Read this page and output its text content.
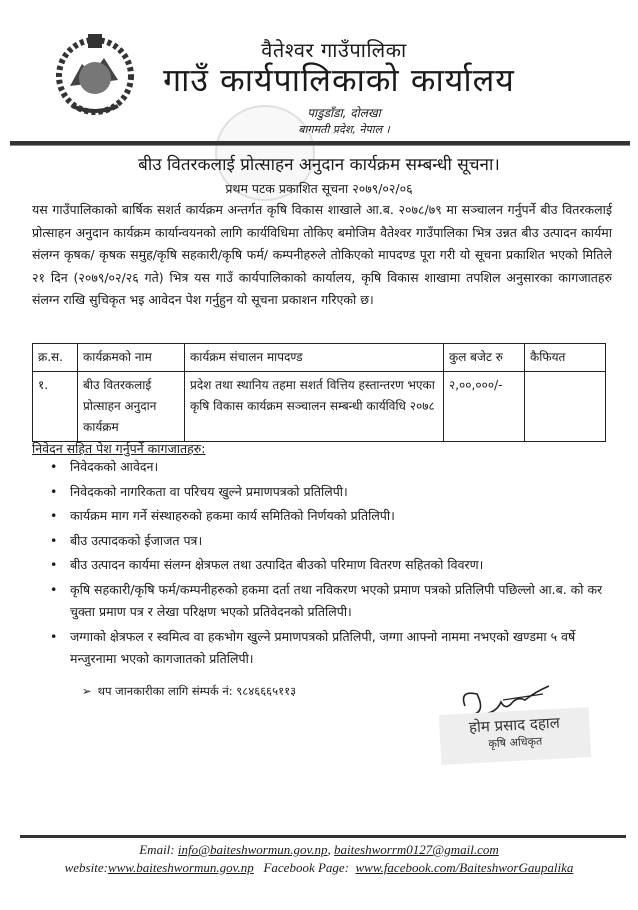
वैतेश्वर गाउँपालिका
गाउँ कार्यपालिकाको कार्यालय
पाडुडाँडा, दोलखा
बागमती प्रदेश, नेपाल ।
बीउ वितरकलाई प्रोत्साहन अनुदान कार्यक्रम सम्बन्धी सूचना।
प्रथम पटक प्रकाशित सूचना २०७९/०२/०६
यस गाउँपालिकाको बार्षिक सशर्त कार्यक्रम अन्तर्गत कृषि विकास शाखाले आ.ब. २०७८/७९ मा सञ्चालन गर्नुपर्ने बीउ वितरकलाई प्रोत्साहन अनुदान कार्यक्रम कार्यान्वयनको लागि कार्यविधिमा तोकिए बमोजिम वैतेश्वर गाउँपालिका भित्र उन्नत बीउ उत्पादन कार्यमा संलग्न कृषक/ कृषक समुह/कृषि सहकारी/कृषि फर्म/ कम्पनीहरुले तोकिएको मापदण्ड पूरा गरी यो सूचना प्रकाशित भएको मितिले २१ दिन (२०७९/०२/२६ गते) भित्र यस गाउँ कार्यपालिकाको कार्यालय, कृषि विकास शाखामा तपशिल अनुसारका कागजातहरु संलग्न राखि सुचिकृत भइ आवेदन पेश गर्नुहुन यो सूचना प्रकाशन गरिएको छ।
क्र.स.	कार्यक्रमको नाम	कार्यक्रम संचालन मापदण्ड	कुल बजेट रु	कैफियत
१.	बीउ वितरकलाई प्रोत्साहन अनुदान कार्यक्रम	प्रदेश तथा स्थानिय तहमा सशर्त वित्तिय हस्तान्तरण भएका कृषि विकास कार्यक्रम सञ्चालन सम्बन्धी कार्यविधि २०७८	२,००,०००/-	
निवेदन सहित पेश गर्नुपर्ने कागजातहरु:
• निवेदकको आवेदन।
• निवेदकको नागरिकता वा परिचय खुल्ने प्रमाणपत्रको प्रतिलिपी।
• कार्यक्रम माग गर्ने संस्थाहरुको हकमा कार्य समितिको निर्णयको प्रतिलिपी।
• बीउ उत्पादकको ईजाजत पत्र।
• बीउ उत्पादन कार्यमा संलग्न क्षेत्रफल तथा उत्पादित बीउको परिमाण वितरण सहितको विवरण।
• कृषि सहकारी/कृषि फर्म/कम्पनीहरुको हकमा दर्ता तथा नविकरण भएको प्रमाण पत्रको प्रतिलिपी पछिल्लो आ.ब. को कर चुक्ता प्रमाण पत्र र लेखा परिक्षण भएको प्रतिवेदनको प्रतिलिपी।
• जग्गाको क्षेत्रफल र स्वमित्व वा हकभोग खुल्ने प्रमाणपत्रको प्रतिलिपी, जग्गा आफ्नो नाममा नभएको खण्डमा ५ वर्षे मन्जुरनामा भएको कागजातको प्रतिलिपी।
➢ थप जानकारीका लागि संम्पर्क नं: ९८४६६६५११३
होम प्रसाद दहाल
कृषि अधिकृत
Email: info@baiteshwormun.gov.np, baiteshworrm0127@gmail.com
website:www.baiteshwormun.gov.np   Facebook Page:  www.facebook.com/BaiteshworGaupalika
